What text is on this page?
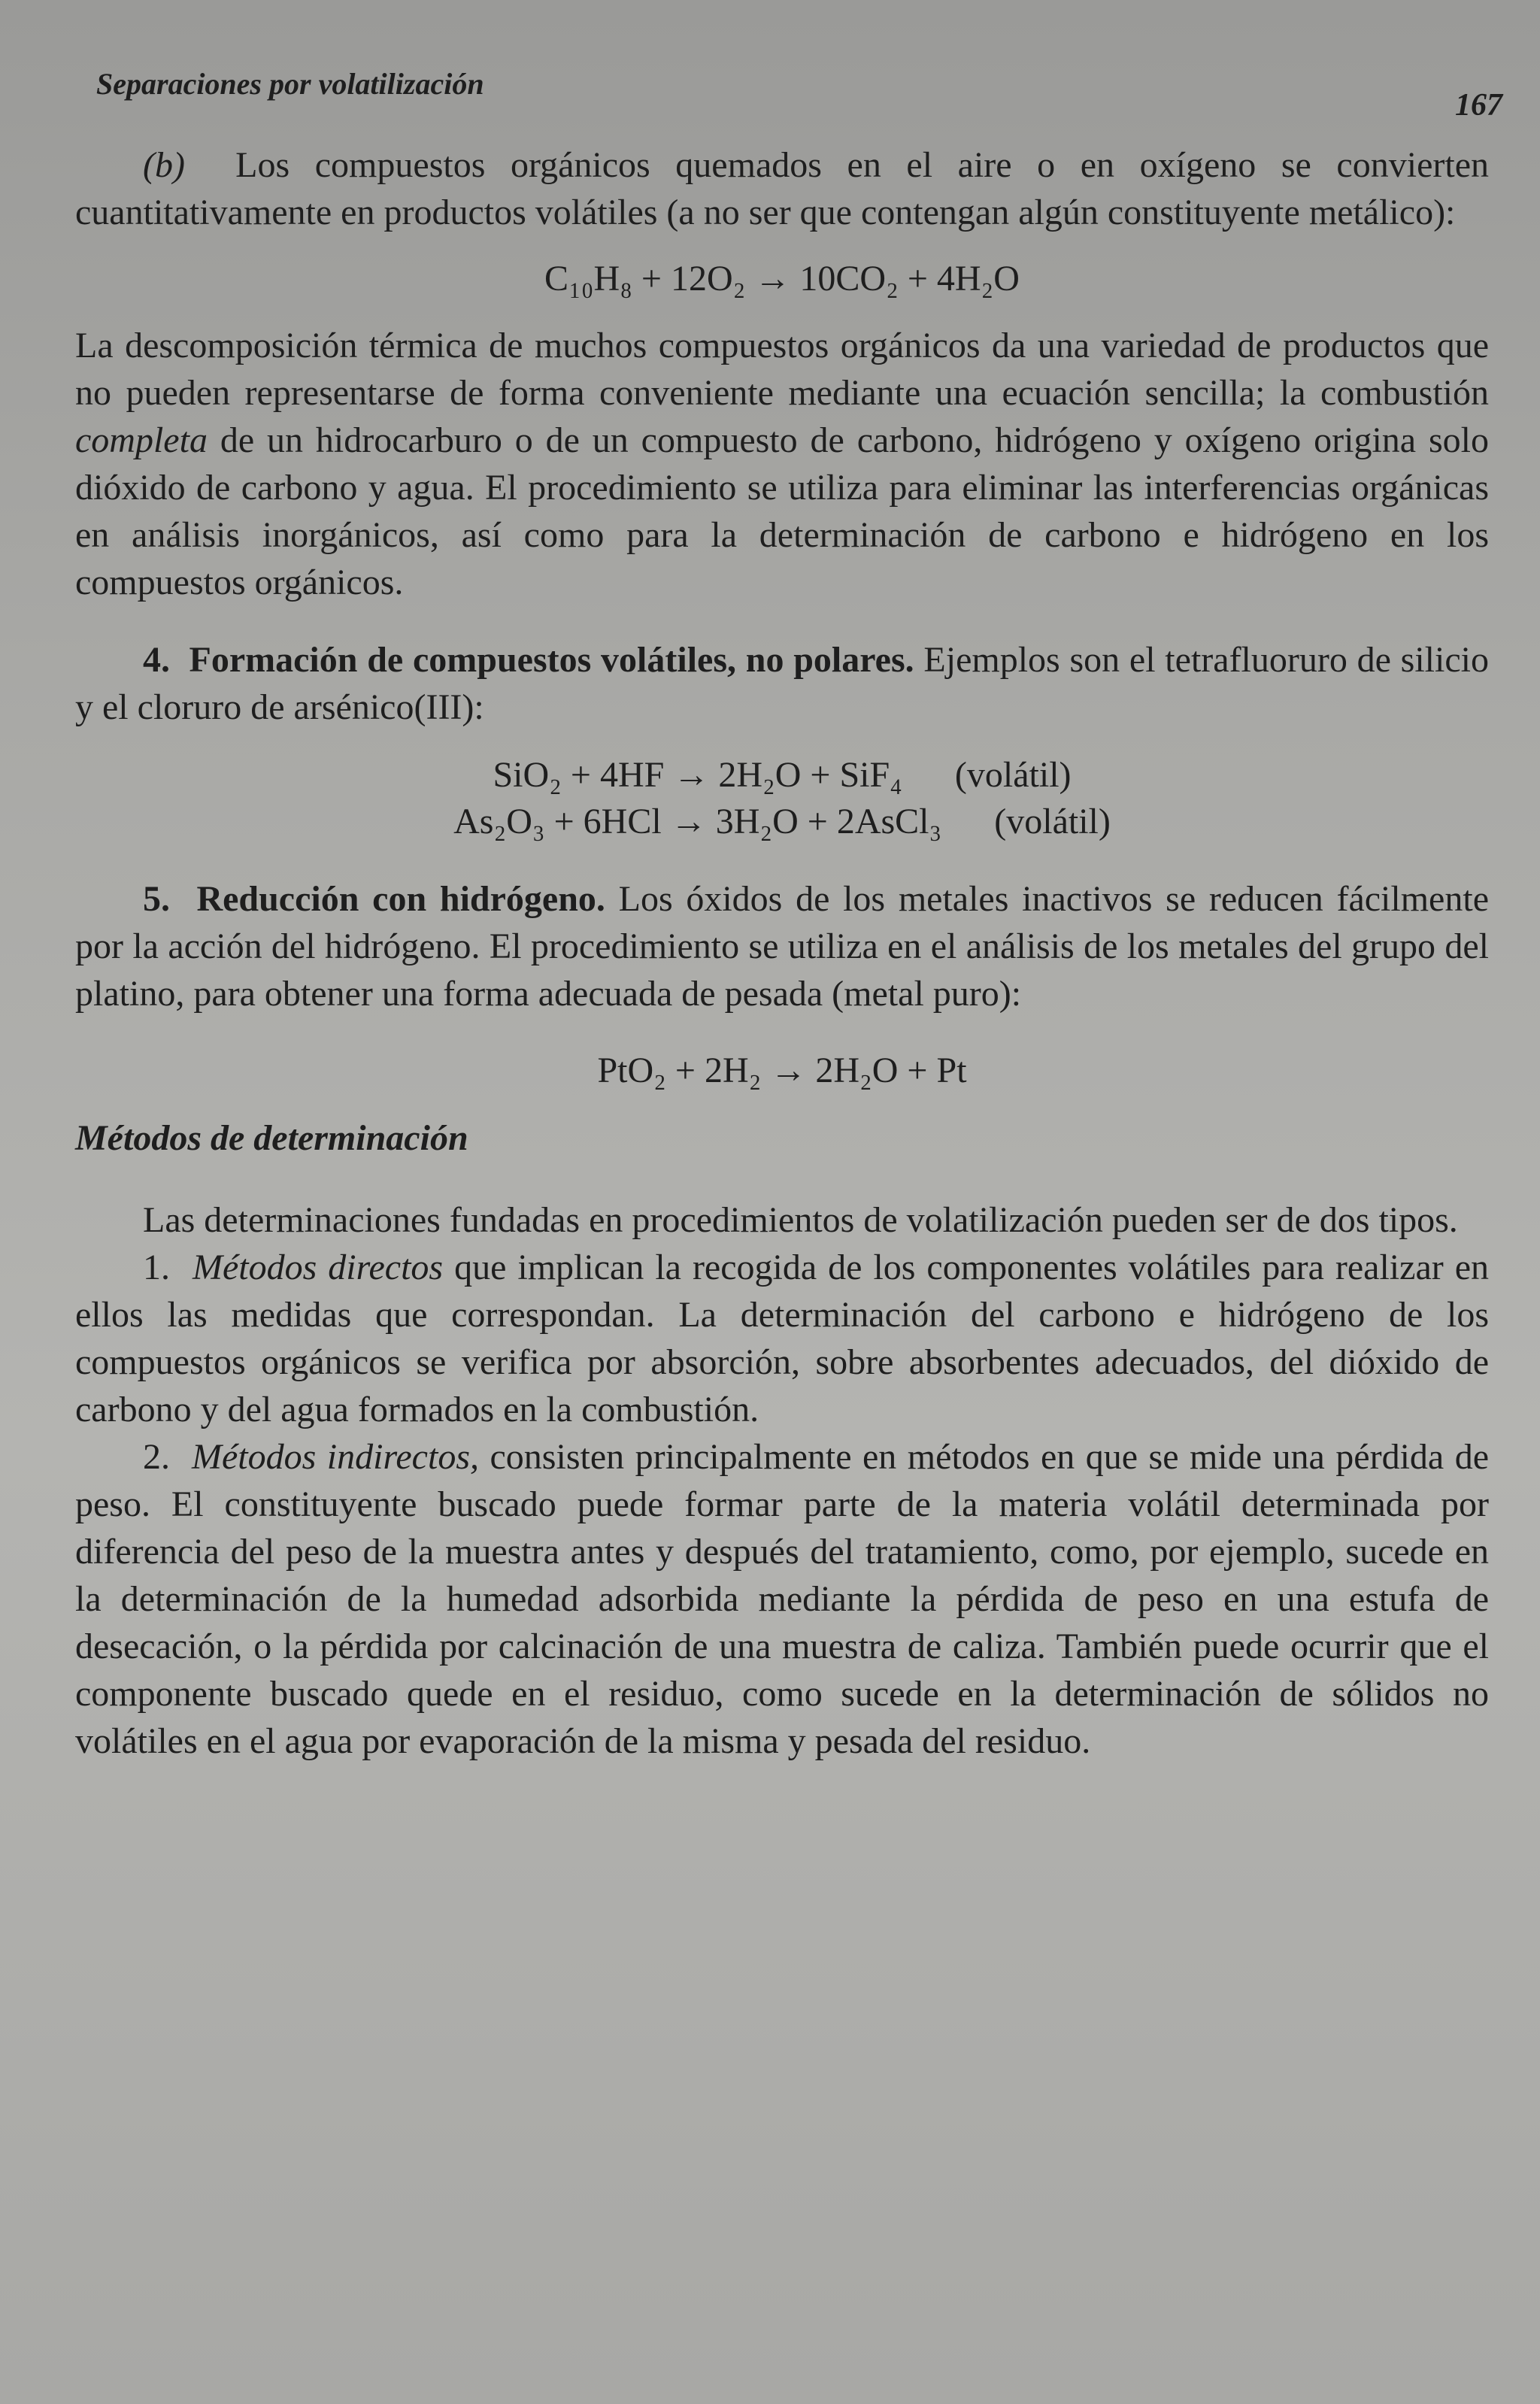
Separaciones por volatilización
167

(b) Los compuestos orgánicos quemados en el aire o en oxígeno se convierten cuantitativamente en productos volátiles (a no ser que contengan algún constituyente metálico):

C₁₀H₈ + 12O₂ → 10CO₂ + 4H₂O

La descomposición térmica de muchos compuestos orgánicos da una variedad de productos que no pueden representarse de forma conveniente mediante una ecuación sencilla; la combustión completa de un hidrocarburo o de un compuesto de carbono, hidrógeno y oxígeno origina solo dióxido de carbono y agua. El procedimiento se utiliza para eliminar las interferencias orgánicas en análisis inorgánicos, así como para la determinación de carbono e hidrógeno en los compuestos orgánicos.

4. Formación de compuestos volátiles, no polares. Ejemplos son el tetrafluoruro de silicio y el cloruro de arsénico(III):

SiO₂ + 4HF → 2H₂O + SiF₄ (volátil)
As₂O₃ + 6HCl → 3H₂O + 2AsCl₃ (volátil)

5. Reducción con hidrógeno. Los óxidos de los metales inactivos se reducen fácilmente por la acción del hidrógeno. El procedimiento se utiliza en el análisis de los metales del grupo del platino, para obtener una forma adecuada de pesada (metal puro):

PtO₂ + 2H₂ → 2H₂O + Pt
Métodos de determinación

Las determinaciones fundadas en procedimientos de volatilización pueden ser de dos tipos.

1. Métodos directos que implican la recogida de los componentes volátiles para realizar en ellos las medidas que correspondan. La determinación del carbono e hidrógeno de los compuestos orgánicos se verifica por absorción, sobre absorbentes adecuados, del dióxido de carbono y del agua formados en la combustión.

2. Métodos indirectos, consisten principalmente en métodos en que se mide una pérdida de peso. El constituyente buscado puede formar parte de la materia volátil determinada por diferencia del peso de la muestra antes y después del tratamiento, como, por ejemplo, sucede en la determinación de la humedad adsorbida mediante la pérdida de peso en una estufa de desecación, o la pérdida por calcinación de una muestra de caliza. También puede ocurrir que el componente buscado quede en el residuo, como sucede en la determinación de sólidos no volátiles en el agua por evaporación de la misma y pesada del residuo.
